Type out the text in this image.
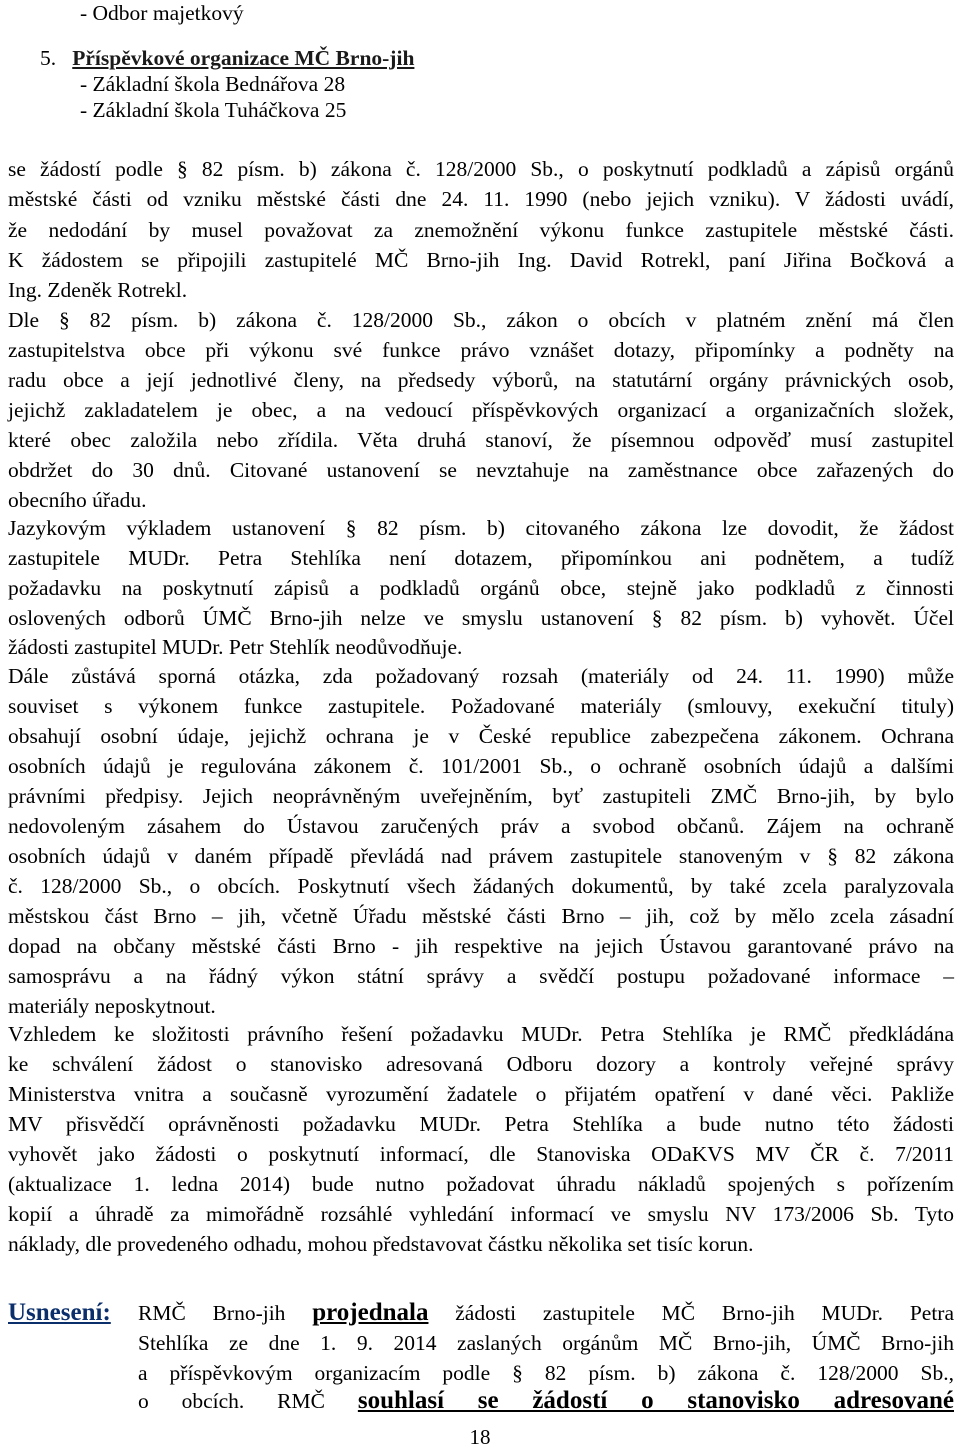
- Odbor majetkový
5. Příspěvkové organizace MČ Brno-jih
- Základní škola Bednářova 28
- Základní škola Tuháčkova 25
se žádostí podle § 82 písm. b) zákona č. 128/2000 Sb., o poskytnutí podkladů a zápisů orgánů
městské části od vzniku městské části dne 24. 11. 1990 (nebo jejich vzniku). V žádosti uvádí,
že nedodání by musel považovat za znemožnění výkonu funkce zastupitele městské části.
K žádostem se připojili zastupitelé MČ Brno-jih Ing. David Rotrekl, paní Jiřina Bočková a
Ing. Zdeněk Rotrekl.
Dle § 82 písm. b) zákona č. 128/2000 Sb., zákon o obcích v platném znění má člen
zastupitelstva obce při výkonu své funkce právo vznášet dotazy, připomínky a podněty na
radu obce a její jednotlivé členy, na předsedy výborů, na statutární orgány právnických osob,
jejichž zakladatelem je obec, a na vedoucí příspěvkových organizací a organizačních složek,
které obec založila nebo zřídila. Věta druhá stanoví, že písemnou odpověď musí zastupitel
obdržet do 30 dnů. Citované ustanovení se nevztahuje na zaměstnance obce zařazených do
obecního úřadu.
Jazykovým výkladem ustanovení § 82 písm. b) citovaného zákona lze dovodit, že žádost
zastupitele MUDr. Petra Stehlíka není dotazem, připomínkou ani podnětem, a tudíž
požadavku na poskytnutí zápisů a podkladů orgánů obce, stejně jako podkladů z činnosti
oslovených odborů ÚMČ Brno-jih nelze ve smyslu ustanovení § 82 písm. b) vyhovět. Účel
žádosti zastupitel MUDr. Petr Stehlík neodůvodňuje.
Dále zůstává sporná otázka, zda požadovaný rozsah (materiály od 24. 11. 1990) může
souviset s výkonem funkce zastupitele. Požadované materiály (smlouvy, exekuční tituly)
obsahují osobní údaje, jejichž ochrana je v České republice zabezpečena zákonem. Ochrana
osobních údajů je regulována zákonem č. 101/2001 Sb., o ochraně osobních údajů a dalšími
právními předpisy. Jejich neoprávněným uveřejněním, byť zastupiteli ZMČ Brno-jih, by bylo
nedovoleným zásahem do Ústavou zaručených práv a svobod občanů. Zájem na ochraně
osobních údajů v daném případě převládá nad právem zastupitele stanoveným v § 82 zákona
č. 128/2000 Sb., o obcích. Poskytnutí všech žádaných dokumentů, by také zcela paralyzovala
městskou část Brno – jih, včetně Úřadu městské části Brno – jih, což by mělo zcela zásadní
dopad na občany městské části Brno - jih respektive na jejich Ústavou garantované právo na
samosprávu a na řádný výkon státní správy a svědčí postupu požadované informace –
materiály neposkytnout.
Vzhledem ke složitosti právního řešení požadavku MUDr. Petra Stehlíka je RMČ předkládána
ke schválení žádost o stanovisko adresovaná Odboru dozory a kontroly veřejné správy
Ministerstva vnitra a současně vyrozumění žadatele o přijatém opatření v dané věci. Pakliže
MV přisvědčí oprávněnosti požadavku MUDr. Petra Stehlíka a bude nutno této žádosti
vyhovět jako žádosti o poskytnutí informací, dle Stanoviska ODaKVS MV ČR č. 7/2011
(aktualizace 1. ledna 2014) bude nutno požadovat úhradu nákladů spojených s pořízením
kopií a úhradě za mimořádně rozsáhlé vyhledání informací ve smyslu NV 173/2006 Sb. Tyto
náklady, dle provedeného odhadu, mohou představovat částku několika set tisíc korun.
Usnesení: RMČ Brno-jih projednala žádosti zastupitele MČ Brno-jih MUDr. Petra
Stehlíka ze dne 1. 9. 2014 zaslaných orgánům MČ Brno-jih, ÚMČ Brno-jih
a příspěvkovým organizacím podle § 82 písm. b) zákona č. 128/2000 Sb.,
o obcích. RMČ souhlasí se žádostí o stanovisko adresované
18
